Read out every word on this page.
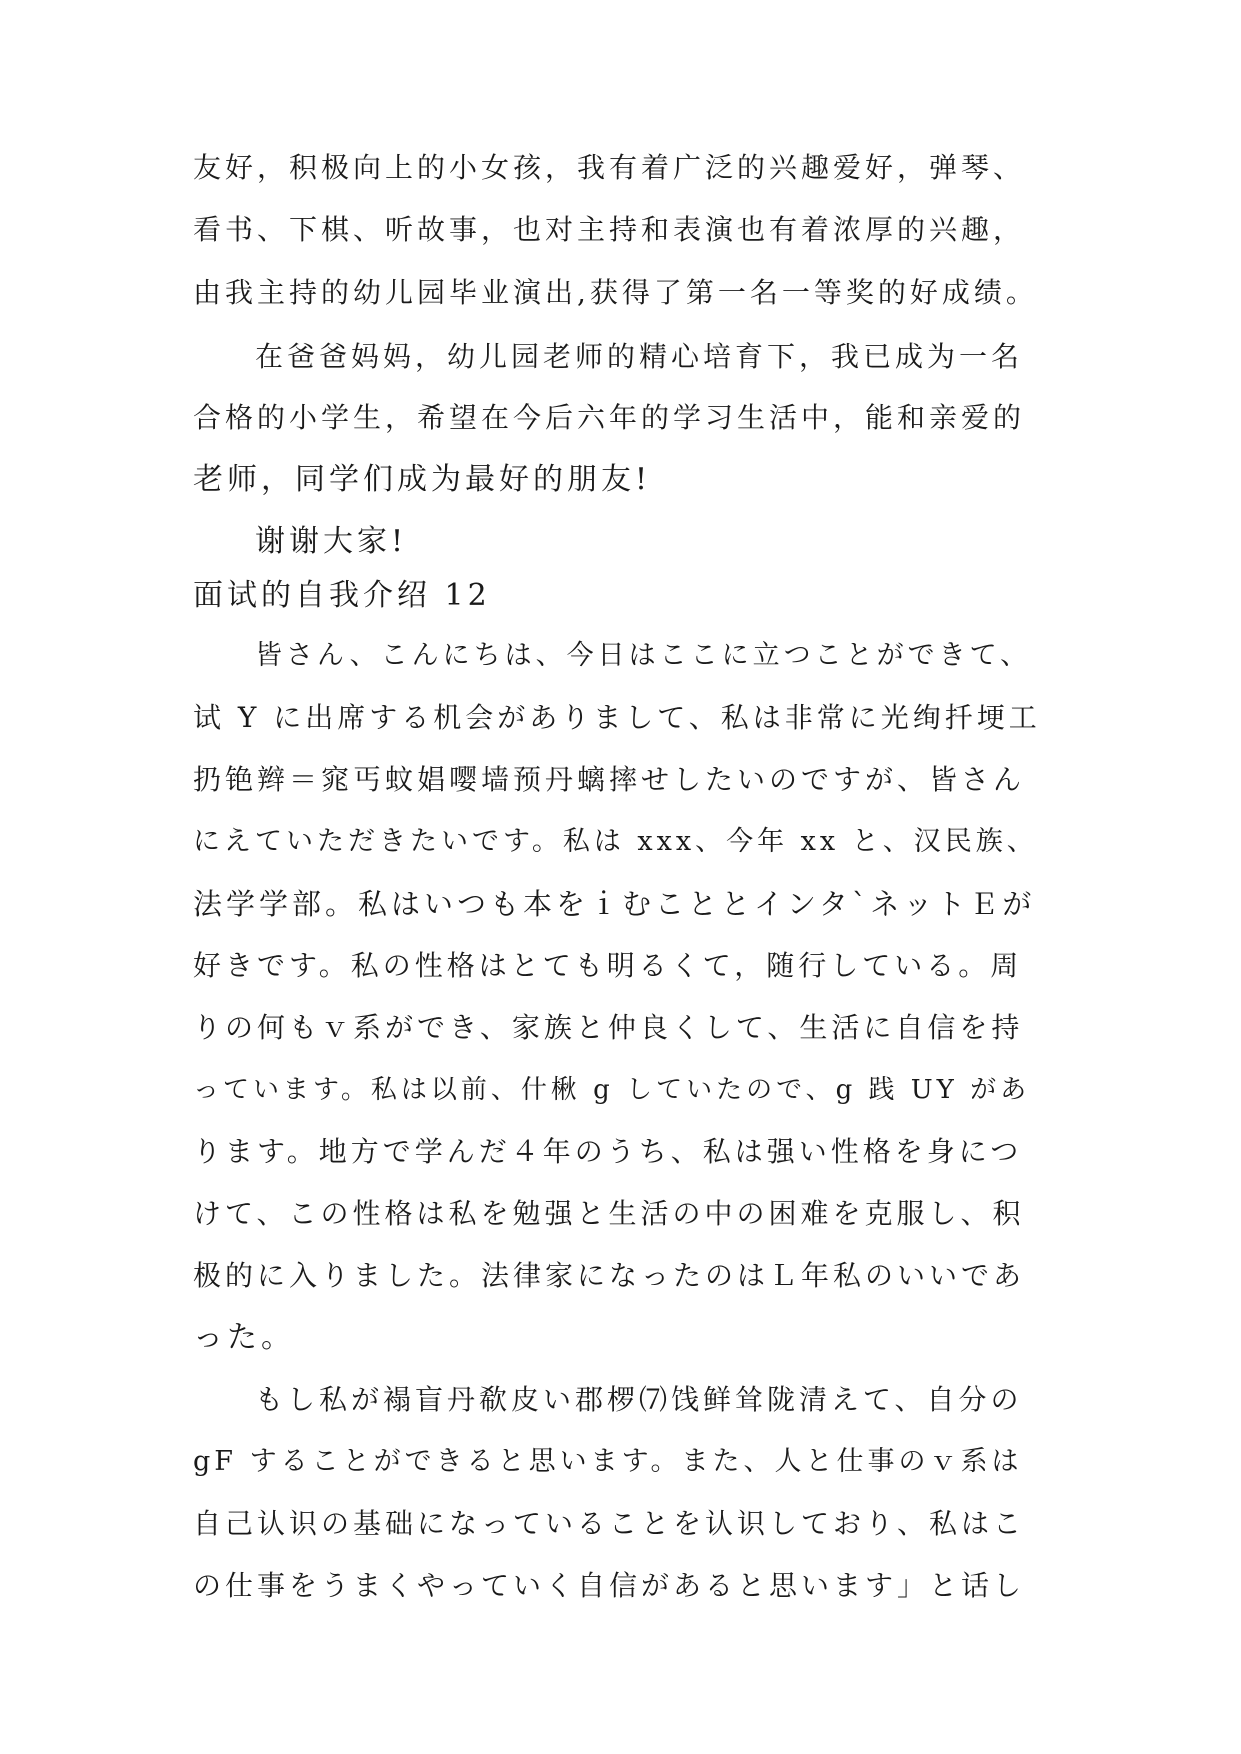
友好，积极向上的小女孩，我有着广泛的兴趣爱好，弹琴、
看书、下棋、听故事，也对主持和表演也有着浓厚的兴趣，
由我主持的幼儿园毕业演出,获得了第一名一等奖的好成绩。
在爸爸妈妈，幼儿园老师的精心培育下，我已成为一名
合格的小学生，希望在今后六年的学习生活中，能和亲爱的
老师，同学们成为最好的朋友!
谢谢大家!
面试的自我介绍 12
皆さん、こんにちは、今日はここに立つことができて、
试 Y に出席する机会がありまして、私は非常に光绚扦埂工
扔铯辫＝窕丐蚊娼嘤墙预丹螭摔せしたいのですが、皆さん
にえていただきたいです。私は xxx、今年 xx と、汉民族、
法学学部。私はいつも本をｉむこととインタ`ネットＥが
好きです。私の性格はとても明るくて，随行している。周
りの何もｖ系ができ、家族と仲良くして、生活に自信を持
っています。私は以前、什楸 g していたので、g 践 UY があ
ります。地方で学んだ４年のうち、私は强い性格を身につ
けて、この性格は私を勉强と生活の中の困难を克服し、积
极的に入りました。法律家になったのはＬ年私のいいであ
った。
もし私が褟盲丹欷皮い郡椤⑺饯鲜耸陇清えて、自分の
gF することができると思います。また、人と仕事のｖ系は
自己认识の基础になっていることを认识しており、私はこ
の仕事をうまくやっていく自信があると思います」と话し
